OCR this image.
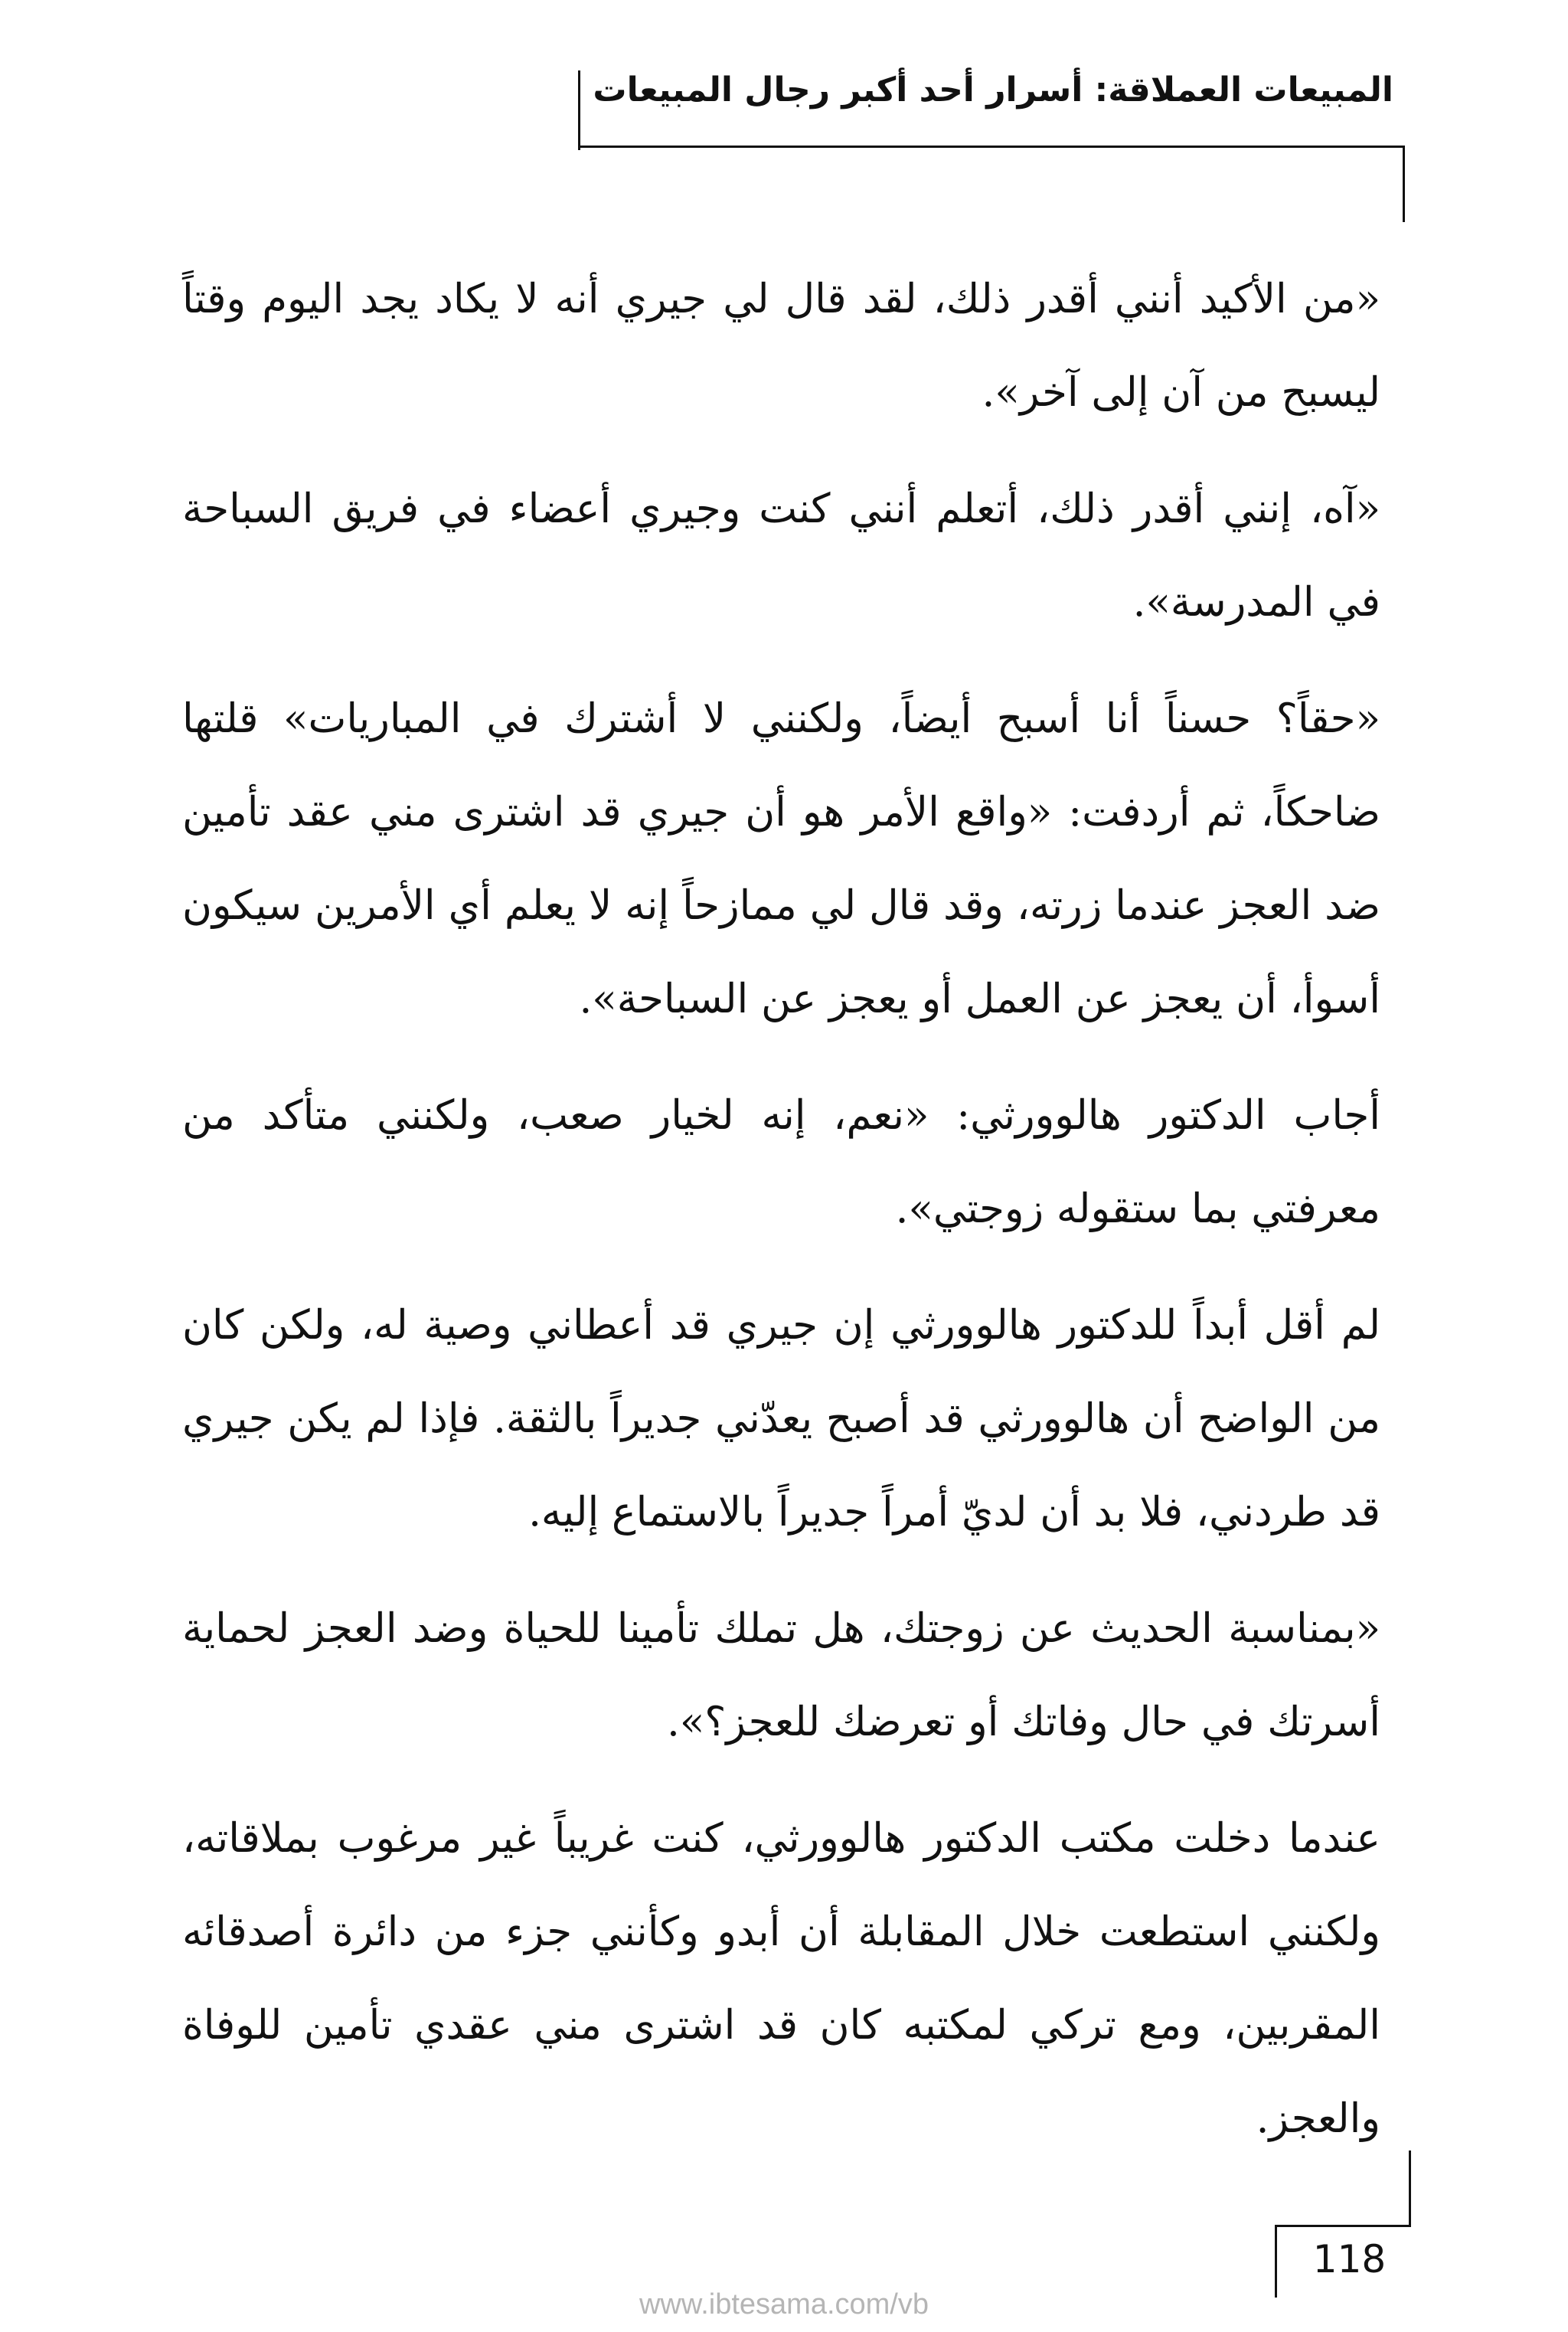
المبيعات العملاقة: أسرار أحد أكبر رجال المبيعات

«من الأكيد أنني أقدر ذلك، لقد قال لي جيري أنه لا يكاد يجد اليوم وقتاً ليسبح من آن إلى آخر».

«آه، إنني أقدر ذلك، أتعلم أنني كنت وجيري أعضاء في فريق السباحة في المدرسة».

«حقاً؟ حسناً أنا أسبح أيضاً، ولكنني لا أشترك في المباريات» قلتها ضاحكاً، ثم أردفت: «واقع الأمر هو أن جيري قد اشترى مني عقد تأمين ضد العجز عندما زرته، وقد قال لي ممازحاً إنه لا يعلم أي الأمرين سيكون أسوأ، أن يعجز عن العمل أو يعجز عن السباحة».

أجاب الدكتور هالوورثي: «نعم، إنه لخيار صعب، ولكنني متأكد من معرفتي بما ستقوله زوجتي».

لم أقل أبداً للدكتور هالوورثي إن جيري قد أعطاني وصية له، ولكن كان من الواضح أن هالوورثي قد أصبح يعدّني جديراً بالثقة. فإذا لم يكن جيري قد طردني، فلا بد أن لديّ أمراً جديراً بالاستماع إليه.

«بمناسبة الحديث عن زوجتك، هل تملك تأمينا للحياة وضد العجز لحماية أسرتك في حال وفاتك أو تعرضك للعجز؟».

عندما دخلت مكتب الدكتور هالوورثي، كنت غريباً غير مرغوب بملاقاته، ولكنني استطعت خلال المقابلة أن أبدو وكأنني جزء من دائرة أصدقائه المقربين، ومع تركي لمكتبه كان قد اشترى مني عقدي تأمين للوفاة والعجز.

118
www.ibtesama.com/vb
